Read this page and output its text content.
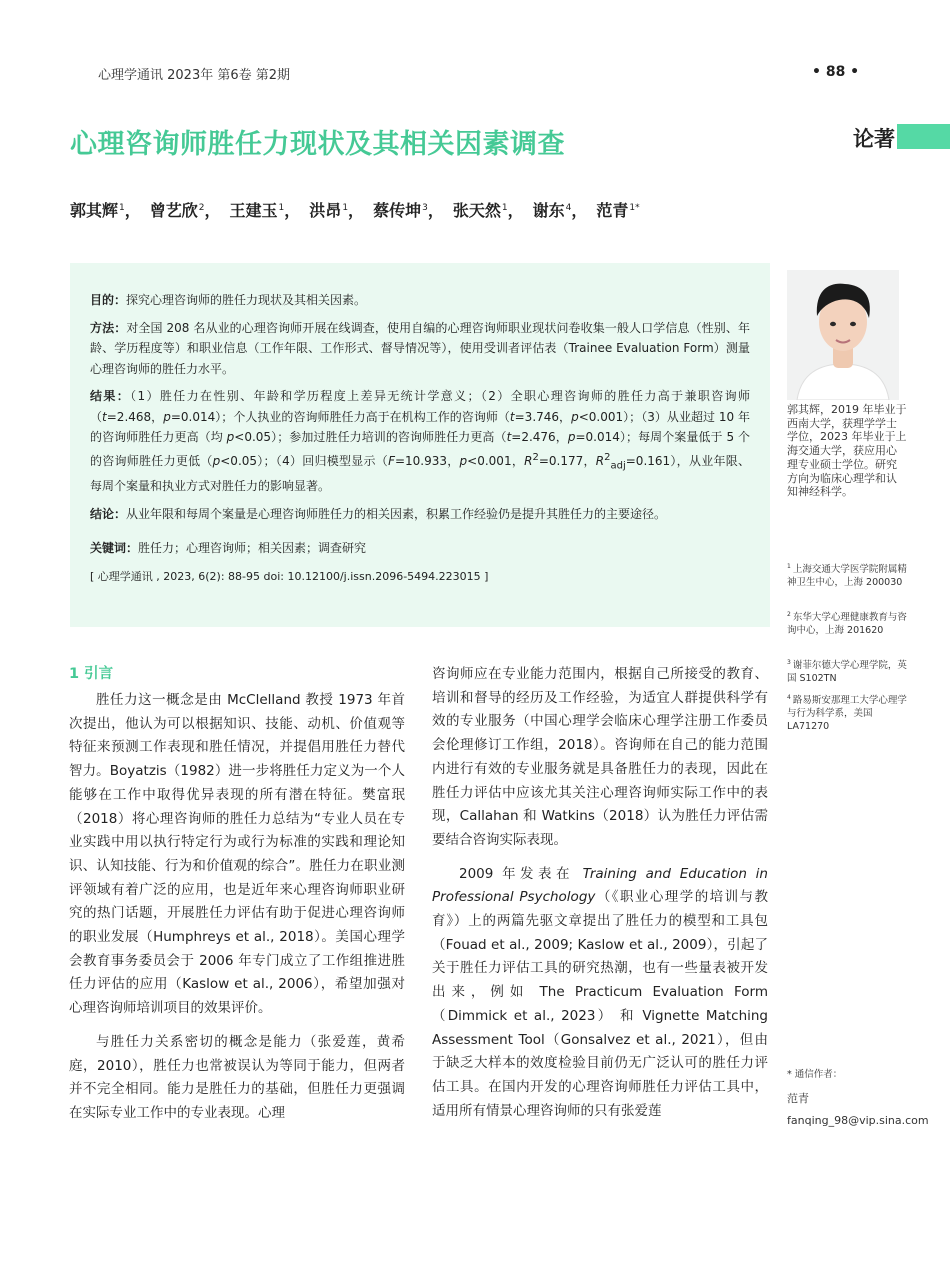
心理学通讯 2023年 第6卷 第2期	• 88 •
心理咨询师胜任力现状及其相关因素调查	论著
郭其辉$^1$， 曾艺欣$^2$， 王建玉$^1$， 洪昂$^1$， 蔡传坤$^3$， 张天然$^1$， 谢东$^4$， 范青$^{1*}$

目的：探究心理咨询师的胜任力现状及其相关因素。

方法：对全国 208 名从业的心理咨询师开展在线调查，使用自编的心理咨询师职业现状问卷收集一般人口学信息（性别、年龄、学历程度等）和职业信息（工作年限、工作形式、督导情况等），使用受训者评估表（Trainee Evaluation Form）测量心理咨询师的胜任力水平。

结果：（1）胜任力在性别、年龄和学历程度上差异无统计学意义；（2）全职心理咨询师的胜任力高于兼职咨询师（t=2.468，p=0.014）；个人执业的咨询师胜任力高于在机构工作的咨询师（t=3.746，p<0.001）；（3）从业超过 10 年的咨询师胜任力更高（均 p<0.05）；参加过胜任力培训的咨询师胜任力更高（t=2.476，p=0.014）；每周个案量低于 5 个的咨询师胜任力更低（p<0.05）；（4）回归模型显示（F=10.933，p<0.001，$R^2=0.177$，$R^2_{adj}=0.161$），从业年限、每周个案量和执业方式对胜任力的影响显著。

结论：从业年限和每周个案量是心理咨询师胜任力的相关因素，积累工作经验仍是提升其胜任力的主要途径。

关键词：胜任力；心理咨询师；相关因素；调查研究

[ 心理学通讯 , 2023, 6(2): 88-95 doi: 10.12100/j.issn.2096-5494.223015 ]

郭其辉，2019 年毕业于西南大学，获理学学士学位，2023 年毕业于上海交通大学，获应用心理专业硕士学位。研究方向为临床心理学和认知神经科学。
$^1$ 上海交通大学医学院附属精神卫生中心，上海 200030
$^2$ 东华大学心理健康教育与咨询中心，上海 201620
$^3$ 谢菲尔德大学心理学院，英国 S102TN
$^4$ 路易斯安那理工大学心理学与行为科学系，美国 LA71270
* 通信作者：
范青
fanqing_98@vip.sina.com
1 引言

胜任力这一概念是由 McClelland 教授 1973 年首次提出，他认为可以根据知识、技能、动机、价值观等特征来预测工作表现和胜任情况，并提倡用胜任力替代智力。Boyatzis（1982）进一步将胜任力定义为一个人能够在工作中取得优异表现的所有潜在特征。樊富珉（2018）将心理咨询师的胜任力总结为“专业人员在专业实践中用以执行特定行为或行为标准的实践和理论知识、认知技能、行为和价值观的综合”。胜任力在职业测评领域有着广泛的应用，也是近年来心理咨询师职业研究的热门话题，开展胜任力评估有助于促进心理咨询师的职业发展（Humphreys et al., 2018）。美国心理学会教育事务委员会于 2006 年专门成立了工作组推进胜任力评估的应用（Kaslow et al., 2006），希望加强对心理咨询师培训项目的效果评价。

与胜任力关系密切的概念是能力（张爱莲，黄希庭，2010），胜任力也常被误认为等同于能力，但两者并不完全相同。能力是胜任力的基础，但胜任力更强调在实际专业工作中的专业表现。心理

咨询师应在专业能力范围内，根据自己所接受的教育、培训和督导的经历及工作经验，为适宜人群提供科学有效的专业服务（中国心理学会临床心理学注册工作委员会伦理修订工作组，2018）。咨询师在自己的能力范围内进行有效的专业服务就是具备胜任力的表现，因此在胜任力评估中应该尤其关注心理咨询师实际工作中的表现，Callahan 和 Watkins（2018）认为胜任力评估需要结合咨询实际表现。

2009 年发表在 Training and Education in Professional Psychology（《职业心理学的培训与教育》）上的两篇先驱文章提出了胜任力的模型和工具包（Fouad et al., 2009; Kaslow et al., 2009），引起了关于胜任力评估工具的研究热潮，也有一些量表被开发出来，例如 The Practicum Evaluation Form（Dimmick et al., 2023） 和 Vignette Matching Assessment Tool（Gonsalvez et al., 2021），但由于缺乏大样本的效度检验目前仍无广泛认可的胜任力评估工具。在国内开发的心理咨询师胜任力评估工具中，适用所有情景心理咨询师的只有张爱莲
